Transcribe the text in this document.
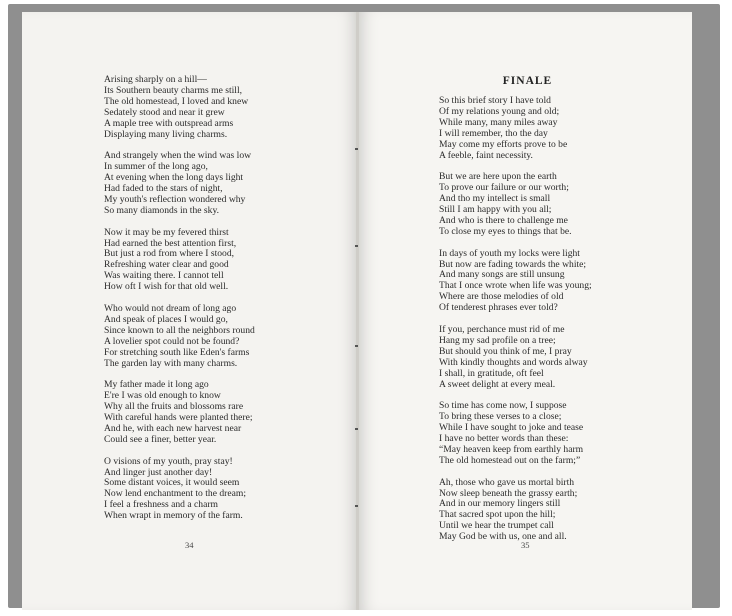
Arising sharply on a hill—
Its Southern beauty charms me still,
The old homestead, I loved and knew
Sedately stood and near it grew
A maple tree with outspread arms
Displaying many living charms.
And strangely when the wind was low
In summer of the long ago,
At evening when the long days light
Had faded to the stars of night,
My youth's reflection wondered why
So many diamonds in the sky.
Now it may be my fevered thirst
Had earned the best attention first,
But just a rod from where I stood,
Refreshing water clear and good
Was waiting there. I cannot tell
How oft I wish for that old well.
Who would not dream of long ago
And speak of places I would go,
Since known to all the neighbors round
A lovelier spot could not be found?
For stretching south like Eden's farms
The garden lay with many charms.
My father made it long ago
E're I was old enough to know
Why all the fruits and blossoms rare
With careful hands were planted there;
And he, with each new harvest near
Could see a finer, better year.
O visions of my youth, pray stay!
And linger just another day!
Some distant voices, it would seem
Now lend enchantment to the dream;
I feel a freshness and a charm
When wrapt in memory of the farm.
34
FINALE
So this brief story I have told
Of my relations young and old;
While many, many miles away
I will remember, tho the day
May come my efforts prove to be
A feeble, faint necessity.
But we are here upon the earth
To prove our failure or our worth;
And tho my intellect is small
Still I am happy with you all;
And who is there to challenge me
To close my eyes to things that be.
In days of youth my locks were light
But now are fading towards the white;
And many songs are still unsung
That I once wrote when life was young;
Where are those melodies of old
Of tenderest phrases ever told?
If you, perchance must rid of me
Hang my sad profile on a tree;
But should you think of me, I pray
With kindly thoughts and words alway
I shall, in gratitude, oft feel
A sweet delight at every meal.
So time has come now, I suppose
To bring these verses to a close;
While I have sought to joke and tease
I have no better words than these:
“May heaven keep from earthly harm
The old homestead out on the farm;”
Ah, those who gave us mortal birth
Now sleep beneath the grassy earth;
And in our memory lingers still
That sacred spot upon the hill;
Until we hear the trumpet call
May God be with us, one and all.
35
